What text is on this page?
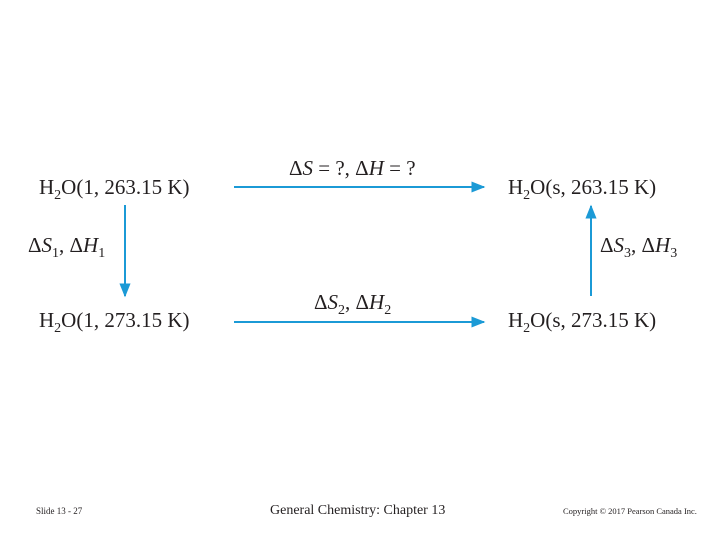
$H_2O(1$, 263.15 K)	$H_2O(s$, 263.15 K)
$H_2O(1$, 273.15 K)	$H_2O(s$, 273.15 K)
ΔS = ?, ΔH = ?
$\Delta S_1$, $\Delta H_1$
$\Delta S_2$, $\Delta H_2$
$\Delta S_3$, $\Delta H_3$
Slide 13 - 27	General Chemistry: Chapter 13	Copyright © 2017 Pearson Canada Inc.
